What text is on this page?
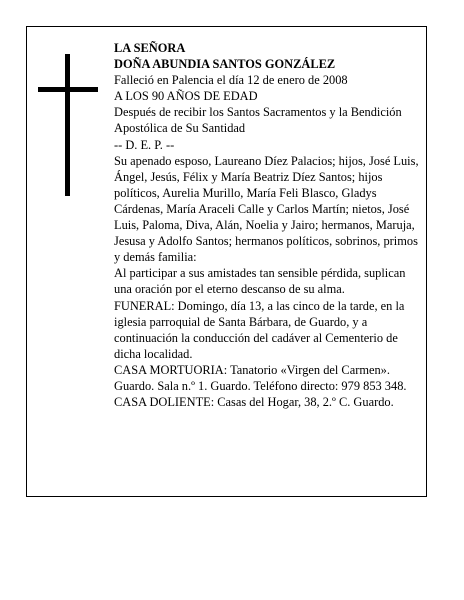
LA SEÑORA

DOÑA ABUNDIA SANTOS GONZÁLEZ

Falleció en Palencia el día 12 de enero de 2008

A LOS 90 AÑOS DE EDAD

Después de recibir los Santos Sacramentos y la Bendición Apostólica de Su Santidad

-- D. E. P. --

Su apenado esposo, Laureano Díez Palacios; hijos, José Luis, Ángel, Jesús, Félix y María Beatriz Díez Santos; hijos políticos, Aurelia Murillo, María Feli Blasco, Gladys Cárdenas, María Araceli Calle y Carlos Martín; nietos, José Luis, Paloma, Diva, Alán, Noelia y Jairo; hermanos, Maruja, Jesusa y Adolfo Santos; hermanos políticos, sobrinos, primos y demás familia:

Al participar a sus amistades tan sensible pérdida, suplican una oración por el eterno descanso de su alma.

FUNERAL: Domingo, día 13, a las cinco de la tarde, en la iglesia parroquial de Santa Bárbara, de Guardo, y a continuación la conducción del cadáver al Cementerio de dicha localidad.

CASA MORTUORIA: Tanatorio «Virgen del Carmen». Guardo. Sala n.º 1. Guardo. Teléfono directo: 979 853 348.

CASA DOLIENTE: Casas del Hogar, 38, 2.º C. Guardo.
